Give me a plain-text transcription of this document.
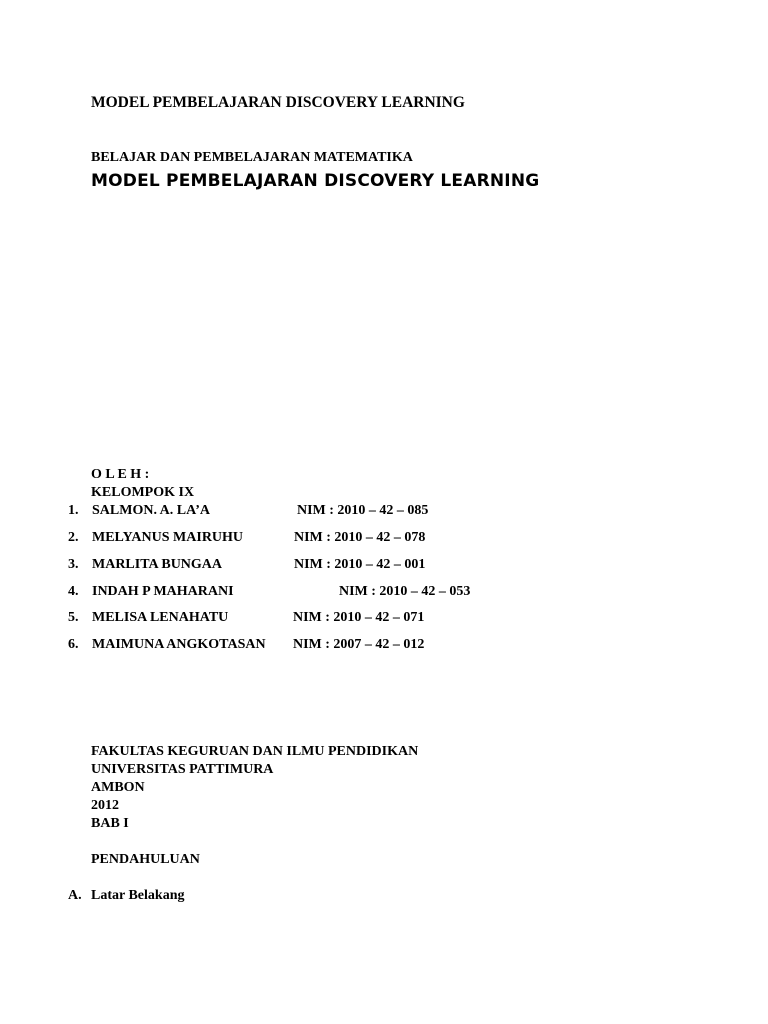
MODEL PEMBELAJARAN DISCOVERY LEARNING
BELAJAR DAN PEMBELAJARAN MATEMATIKA
MODEL PEMBELAJARAN DISCOVERY LEARNING
O L E H :
KELOMPOK IX
1. SALMON. A. LA’A	NIM : 2010 – 42 – 085
2. MELYANUS MAIRUHU	NIM : 2010 – 42 – 078
3. MARLITA BUNGAA	NIM : 2010 – 42 – 001
4. INDAH P MAHARANI	NIM : 2010 – 42 – 053
5. MELISA LENAHATU	NIM : 2010 – 42 – 071
6. MAIMUNA ANGKOTASAN NIM : 2007 – 42 – 012
FAKULTAS KEGURUAN DAN ILMU PENDIDIKAN
UNIVERSITAS PATTIMURA
AMBON
2012
BAB I
PENDAHULUAN
A. Latar Belakang
